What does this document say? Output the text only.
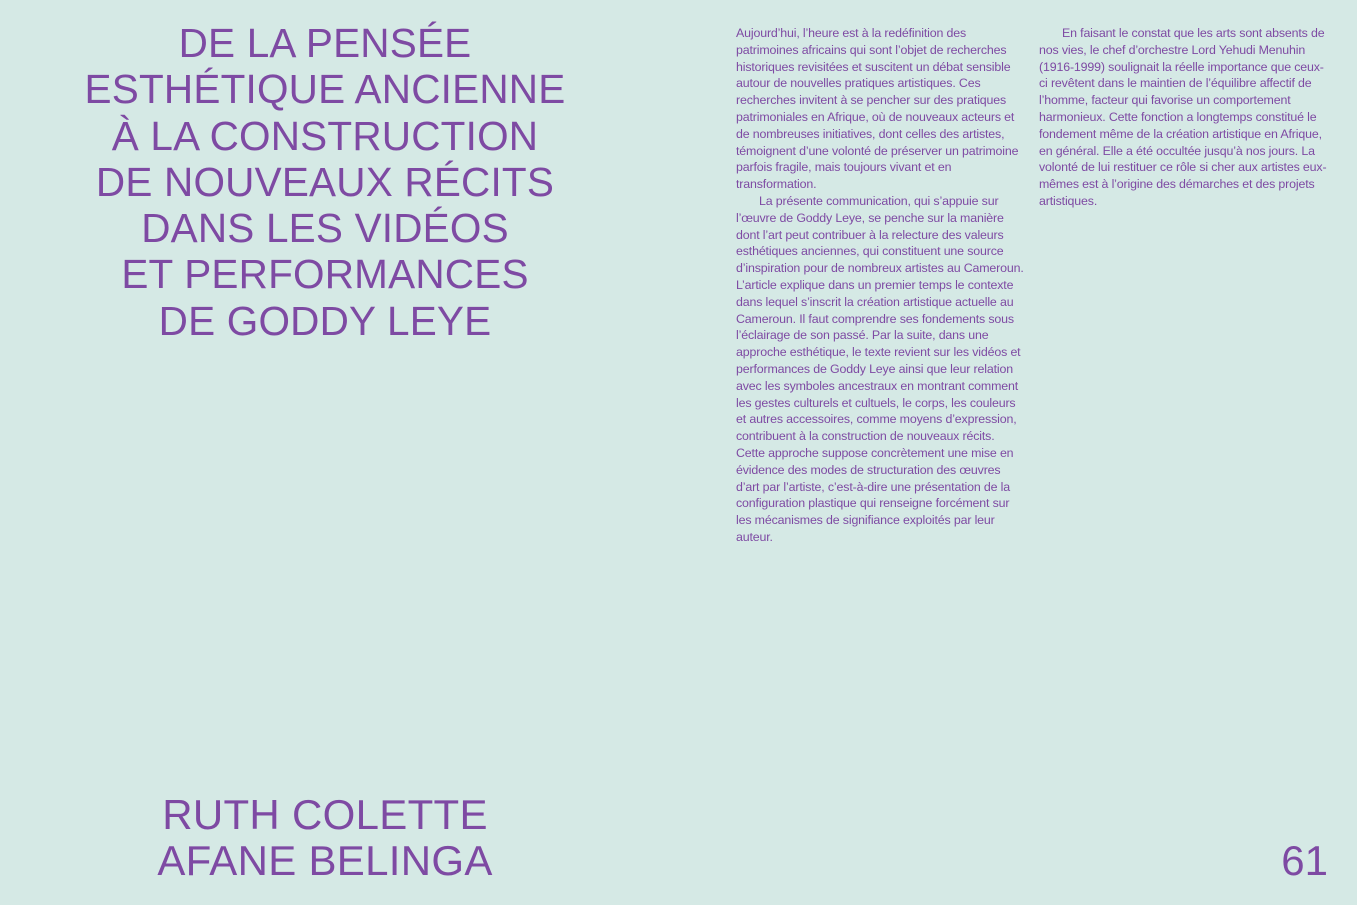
DE LA PENSÉE
ESTHÉTIQUE ANCIENNE
À LA CONSTRUCTION
DE NOUVEAUX RÉCITS
DANS LES VIDÉOS
ET PERFORMANCES
DE GODDY LEYE
RUTH COLETTE
AFANE BELINGA

Aujourd’hui, l’heure est à la redéfinition des patrimoines africains qui sont l’objet de recherches historiques revisitées et suscitent un débat sensible autour de nouvelles pratiques artistiques. Ces recherches invitent à se pencher sur des pratiques patrimoniales en Afrique, où de nouveaux acteurs et de nombreuses initiatives, dont celles des artistes, témoignent d’une volonté de préserver un patrimoine parfois fragile, mais toujours vivant et en transformation.

La présente communication, qui s’appuie sur l’œuvre de Goddy Leye, se penche sur la manière dont l’art peut contribuer à la relecture des valeurs esthétiques anciennes, qui constituent une source d’inspiration pour de nombreux artistes au Cameroun. L’article explique dans un premier temps le contexte dans lequel s’inscrit la création artistique actuelle au Cameroun. Il faut comprendre ses fondements sous l’éclairage de son passé. Par la suite, dans une approche esthétique, le texte revient sur les vidéos et performances de Goddy Leye ainsi que leur relation avec les symboles ancestraux en montrant comment les gestes culturels et cultuels, le corps, les couleurs et autres accessoires, comme moyens d’expression, contribuent à la construction de nouveaux récits. Cette approche suppose concrètement une mise en évidence des modes de structuration des œuvres d’art par l’artiste, c’est-à-dire une présentation de la configuration plastique qui renseigne forcément sur les mécanismes de signifiance exploités par leur auteur.

En faisant le constat que les arts sont absents de nos vies, le chef d’orchestre Lord Yehudi Menuhin (1916-1999) soulignait la réelle importance que ceux-ci revêtent dans le maintien de l’équilibre affectif de l’homme, facteur qui favorise un comportement harmonieux. Cette fonction a longtemps constitué le fondement même de la création artistique en Afrique, en général. Elle a été occultée jusqu’à nos jours. La volonté de lui restituer ce rôle si cher aux artistes eux-mêmes est à l’origine des démarches et des projets artistiques.

61
